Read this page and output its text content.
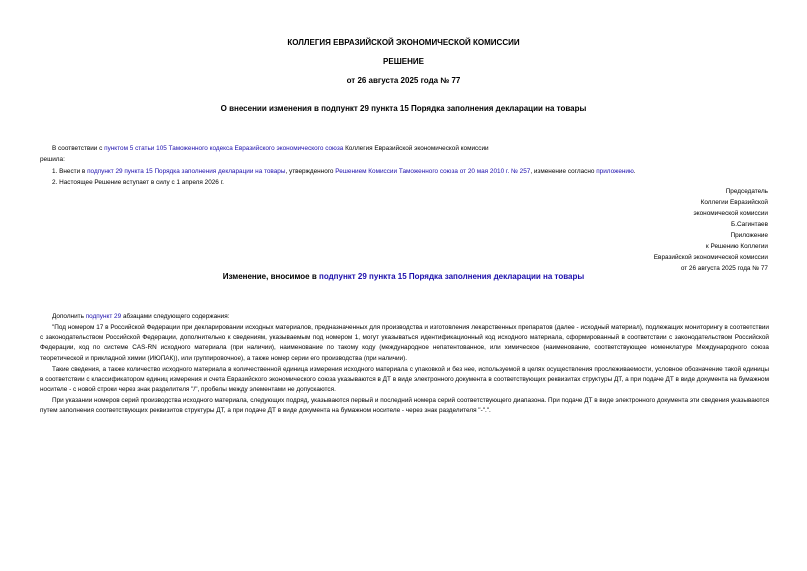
КОЛЛЕГИЯ ЕВРАЗИЙСКОЙ ЭКОНОМИЧЕСКОЙ КОМИССИИ
РЕШЕНИЕ
от 26 августа 2025 года № 77
О внесении изменения в подпункт 29 пункта 15 Порядка заполнения декларации на товары
В соответствии с пунктом 5 статьи 105 Таможенного кодекса Евразийского экономического союза Коллегия Евразийской экономической комиссии
решила:
1. Внести в подпункт 29 пункта 15 Порядка заполнения декларации на товары, утвержденного Решением Комиссии Таможенного союза от 20 мая 2010 г. № 257, изменение согласно приложению.
2. Настоящее Решение вступает в силу с 1 апреля 2026 г.
Председатель
Коллегии Евразийской
экономической комиссии
Б.Сагинтаев
Приложение
к Решению Коллегии
Евразийской экономической комиссии
от 26 августа 2025 года № 77
Изменение, вносимое в подпункт 29 пункта 15 Порядка заполнения декларации на товары
Дополнить подпункт 29 абзацами следующего содержания:
"Под номером 17 в Российской Федерации при декларировании исходных материалов, предназначенных для производства и изготовления лекарственных препаратов (далее - исходный материал), подлежащих мониторингу в соответствии с законодательством Российской Федерации, дополнительно к сведениям, указываемым под номером 1, могут указываться идентификационный код исходного материала, сформированный в соответствии с законодательством Российской Федерации, код по системе CAS-RN исходного материала (при наличии), наименование по такому коду (международное непатентованное, или химическое (наименование, соответствующее номенклатуре Международного союза теоретической и прикладной химии (ИЮПАК)), или группировочное), а также номер серии его производства (при наличии).
Такие сведения, а также количество исходного материала в количественной единица измерения исходного материала с упаковкой и без нее, используемой в целях осуществления прослеживаемости, условное обозначение такой единицы в соответствии с классификатором единиц измерения и счета Евразийского экономического союза указываются в ДТ в виде электронного документа в соответствующих реквизитах структуры ДТ, а при подаче ДТ в виде документа на бумажном носителе - с новой строки через знак разделителя "/", пробелы между элементами не допускаются.
При указании номеров серий производства исходного материала, следующих подряд, указываются первый и последний номера серий соответствующего диапазона. При подаче ДТ в виде электронного документа эти сведения указываются путем заполнения соответствующих реквизитов структуры ДТ, а при подаче ДТ в виде документа на бумажном носителе - через знак разделителя "-".".
